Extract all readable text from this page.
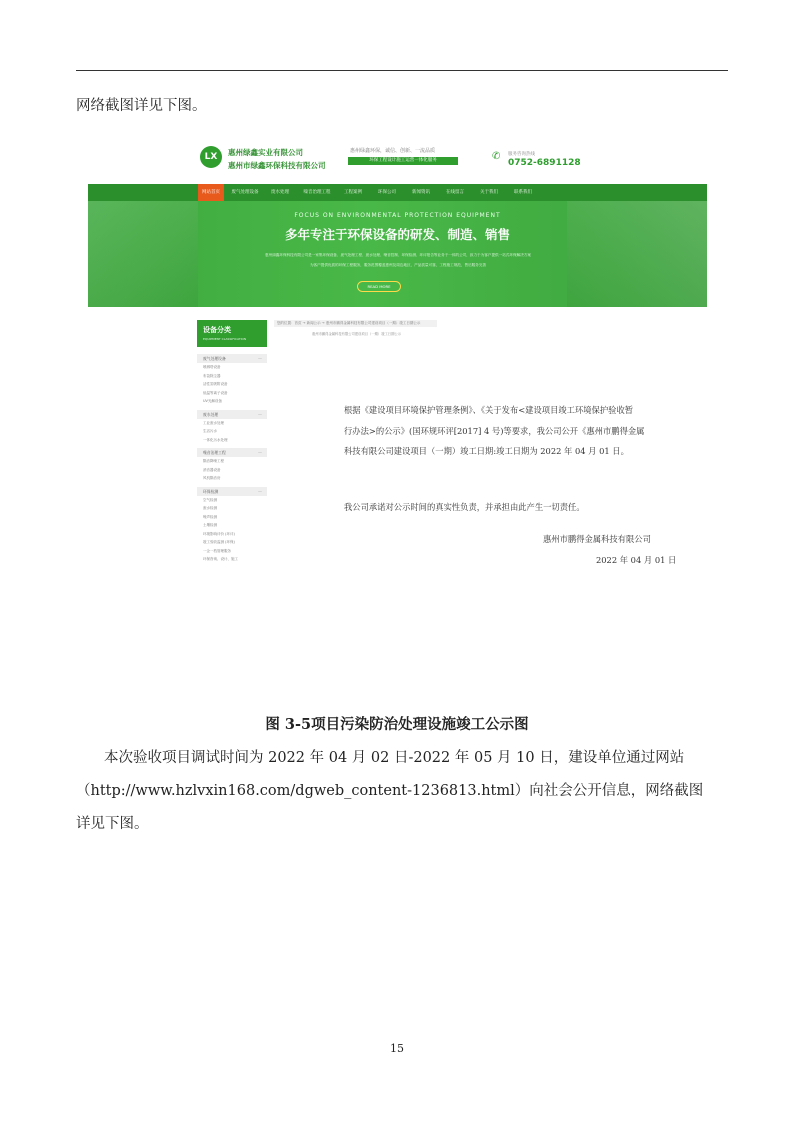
网络截图详见下图。

LX	惠州绿鑫实业有限公司
惠州市绿鑫环保科技有限公司
惠州绿鑫环保，诚信、创新、一流品质
环保工程设计施工运营一体化服务	✆	服务咨询热线
0752-6891128
网站首页	废气处理设备	废水处理	噪音治理工程	工程案例	环保公司	新闻资讯	在线留言	关于我们	联系我们
FOCUS ON ENVIRONMENTAL PROTECTION EQUIPMENT
多年专注于环保设备的研发、制造、销售
惠州绿鑫环保科技有限公司是一家集环保设备、废气处理工程、废水处理、噪音控制、环保检测、环评报告等业务于一体的公司，致力于为客户提供一站式环保解决方案
为客户提供优质的环保工程服务，服务范围覆盖惠州及周边地区，产品质量可靠，工程施工规范，售后服务完善
READ MORE
设备分类
EQUIPMENT CLASSIFICATION
废气处理设备	—
喷淋塔设备
布袋除尘器
活性炭吸附设备
低温等离子设备
UV光解设备
废水处理	—
工业废水处理
生活污水
一体化污水处理
噪音治理工程	—
隔音降噪工程
消音器设备
风机隔音房
环保检测	—
空气检测
废水检测
噪声检测
土壤检测
环境影响评价 (环评)
竣工验收监测 (环保)
一企一档管理服务
环保咨询、设计、施工
您的位置：首页 → 新闻公示 → 惠州市鹏得金属科技有限公司建设项目（一期）竣工日期公示
惠州市鹏得金属科技有限公司建设项目（一期）竣工日期公示
根据《建设项目环境保护管理条例》、《关于发布<建设项目竣工环境保护验收暂
行办法>的公示》(国环规环评[2017] 4 号)等要求，我公司公开《惠州市鹏得金属
科技有限公司建设项目（一期）竣工日期:竣工日期为 2022 年 04 月 01 日。
我公司承诺对公示时间的真实性负责，并承担由此产生一切责任。
惠州市鹏得金属科技有限公司
2022 年 04 月 01 日
图 3-5项目污染防治处理设施竣工公示图

本次验收项目调试时间为 2022 年 04 月 02 日-2022 年 05 月 10 日，建设单位通过网站

（http://www.hzlvxin168.com/dgweb_content-1236813.html）向社会公开信息，网络截图

详见下图。

15
